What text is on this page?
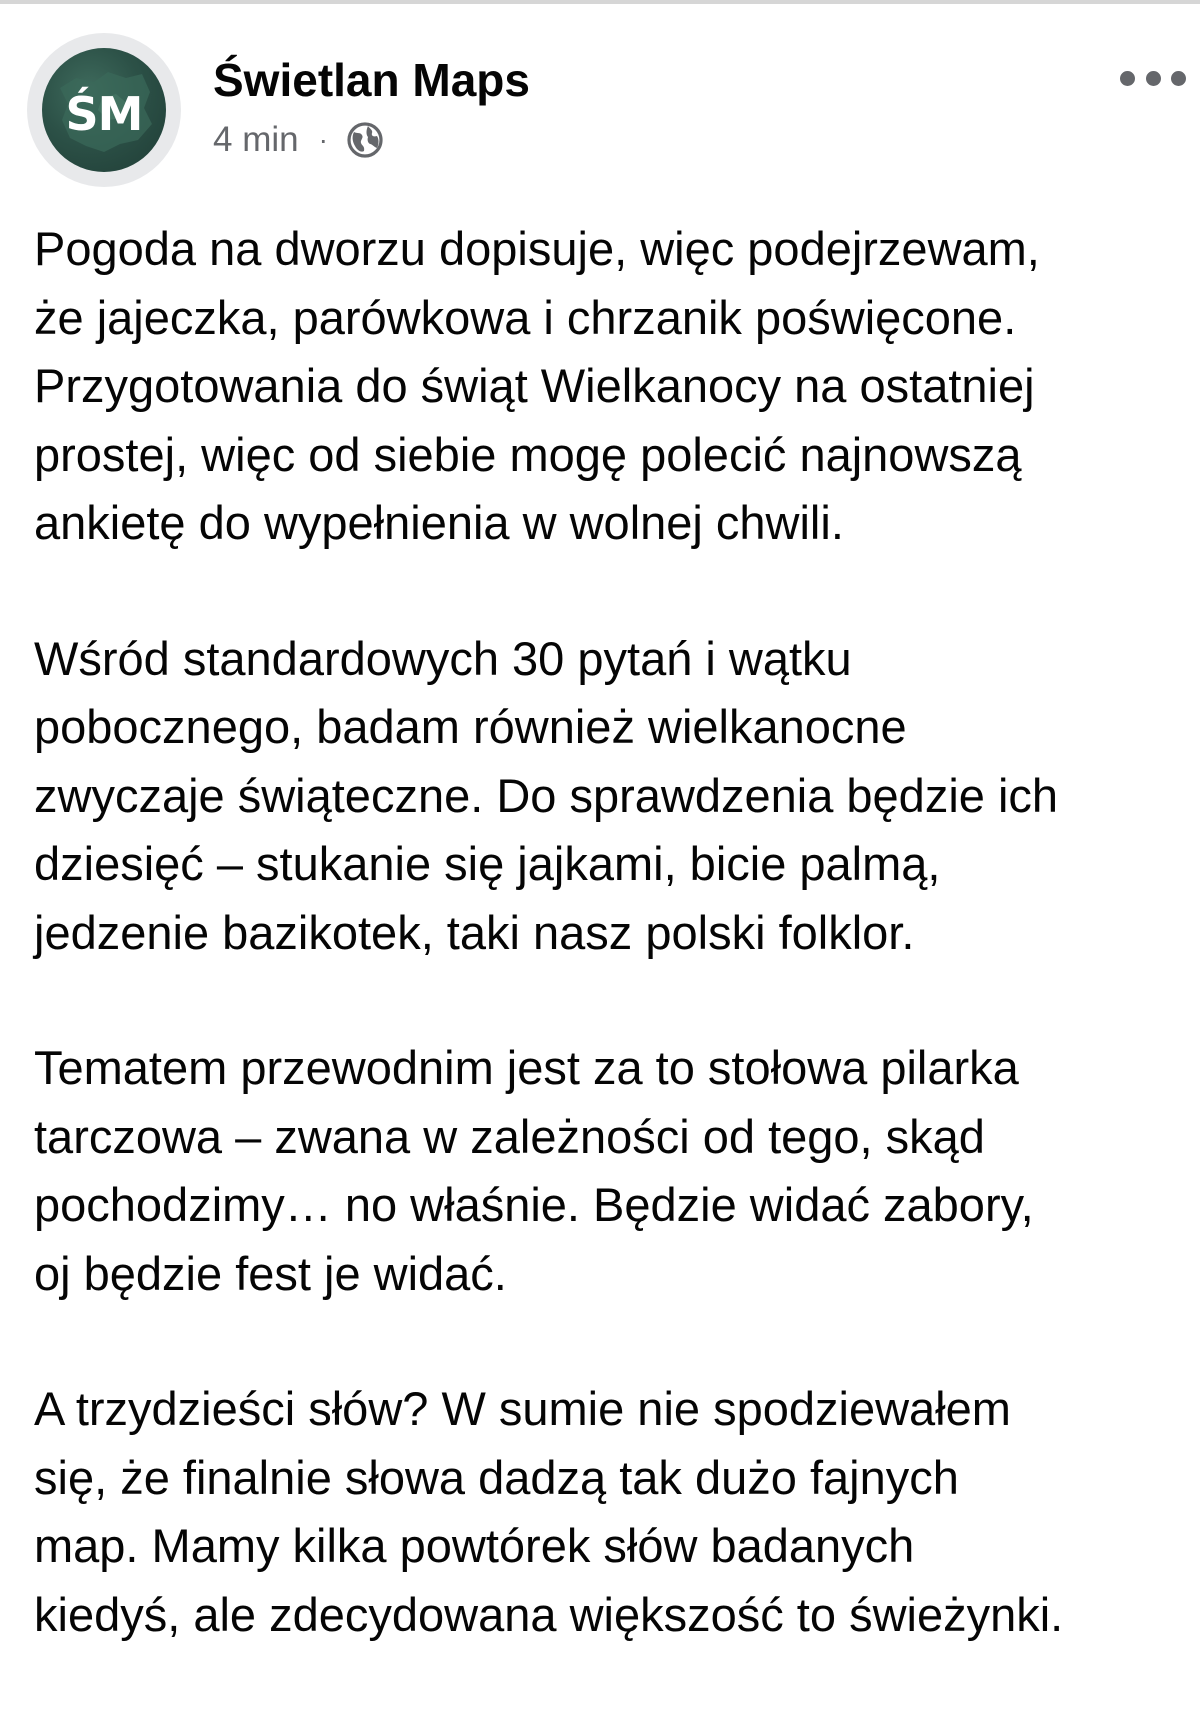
ŚM
Świetlan Maps
4 min ·

Pogoda na dworzu dopisuje, więc podejrzewam,
że jajeczka, parówkowa i chrzanik poświęcone.
Przygotowania do świąt Wielkanocy na ostatniej
prostej, więc od siebie mogę polecić najnowszą
ankietę do wypełnienia w wolnej chwili.

Wśród standardowych 30 pytań i wątku
pobocznego, badam również wielkanocne
zwyczaje świąteczne. Do sprawdzenia będzie ich
dziesięć – stukanie się jajkami, bicie palmą,
jedzenie bazikotek, taki nasz polski folklor.

Tematem przewodnim jest za to stołowa pilarka
tarczowa – zwana w zależności od tego, skąd
pochodzimy… no właśnie. Będzie widać zabory,
oj będzie fest je widać.

A trzydzieści słów? W sumie nie spodziewałem
się, że finalnie słowa dadzą tak dużo fajnych
map. Mamy kilka powtórek słów badanych
kiedyś, ale zdecydowana większość to świeżynki.
